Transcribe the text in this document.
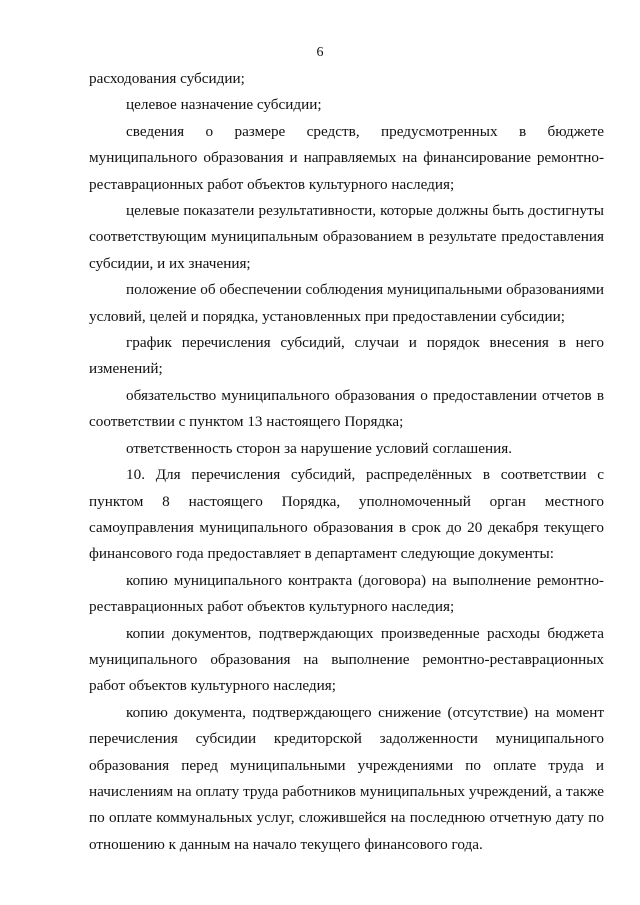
6

расходования субсидии;

целевое назначение субсидии;

сведения о размере средств, предусмотренных в бюджете муниципального образования и направляемых на финансирование ремонтно-реставрационных работ объектов культурного наследия;

целевые показатели результативности, которые должны быть достигнуты соответствующим муниципальным образованием в результате предоставления субсидии, и их значения;

положение об обеспечении соблюдения муниципальными образованиями условий, целей и порядка, установленных при предоставлении субсидии;

график перечисления субсидий, случаи и порядок внесения в него изменений;

обязательство муниципального образования о предоставлении отчетов в соответствии с пунктом 13 настоящего Порядка;

ответственность сторон за нарушение условий соглашения.

10. Для перечисления субсидий, распределённых в соответствии с пунктом 8 настоящего Порядка, уполномоченный орган местного самоуправления муниципального образования в срок до 20 декабря текущего финансового года предоставляет в департамент следующие документы:

копию муниципального контракта (договора) на выполнение ремонтно-реставрационных работ объектов культурного наследия;

копии документов, подтверждающих произведенные расходы бюджета муниципального образования на выполнение ремонтно-реставрационных работ объектов культурного наследия;

копию документа, подтверждающего снижение (отсутствие) на момент перечисления субсидии кредиторской задолженности муниципального образования перед муниципальными учреждениями по оплате труда и начислениям на оплату труда работников муниципальных учреждений, а также по оплате коммунальных услуг, сложившейся на последнюю отчетную дату по отношению к данным на начало текущего финансового года.
